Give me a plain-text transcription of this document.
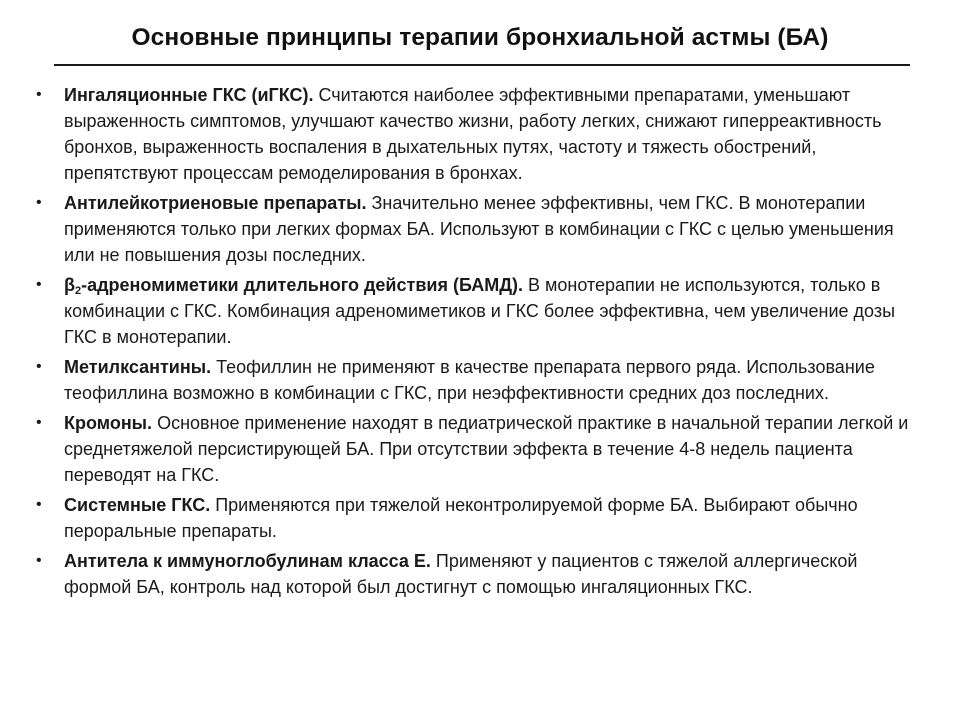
Основные принципы терапии бронхиальной астмы (БА)
• Ингаляционные ГКС (иГКС). Считаются наиболее эффективными препаратами, уменьшают выраженность симптомов, улучшают качество жизни, работу легких, снижают гиперреактивность бронхов, выраженность воспаления в дыхательных путях, частоту и тяжесть обострений, препятствуют процессам ремоделирования в бронхах.
• Антилейкотриеновые препараты. Значительно менее эффективны, чем ГКС. В монотерапии применяются только при легких формах БА. Используют в комбинации с ГКС с целью уменьшения или не повышения дозы последних.
• $\beta_2$-адреномиметики длительного действия (БАМД). В монотерапии не используются, только в комбинации с ГКС. Комбинация адреномиметиков и ГКС более эффективна, чем увеличение дозы ГКС в монотерапии.
• Метилксантины. Теофиллин не применяют в качестве препарата первого ряда. Использование теофиллина возможно в комбинации с ГКС, при неэффективности средних доз последних.
• Кромоны. Основное применение находят в педиатрической практике в начальной терапии легкой и среднетяжелой персистирующей БА. При отсутствии эффекта в течение 4-8 недель пациента переводят на ГКС.
• Системные ГКС. Применяются при тяжелой неконтролируемой форме БА. Выбирают обычно пероральные препараты.
• Антитела к иммуноглобулинам класса Е. Применяют у пациентов с тяжелой аллергической формой БА, контроль над которой был достигнут с помощью ингаляционных ГКС.
